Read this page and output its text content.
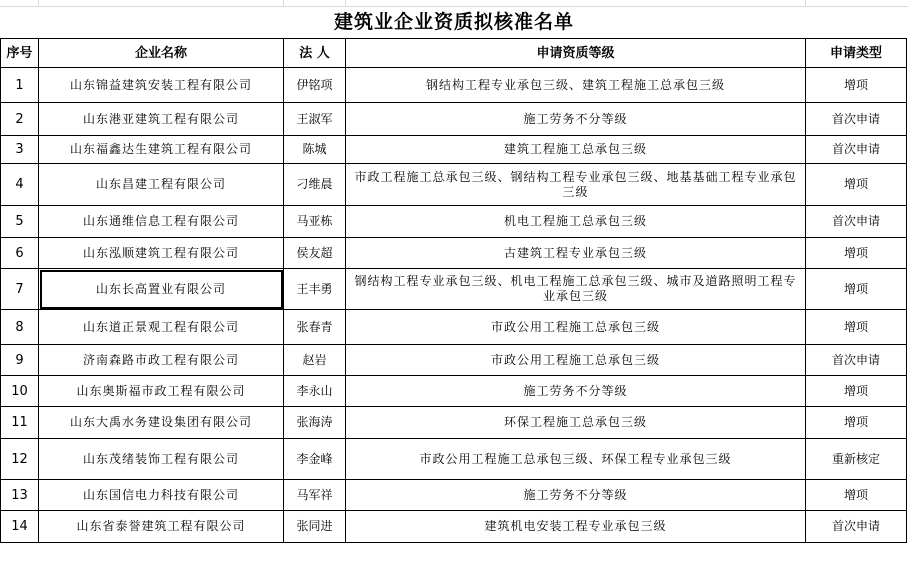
建筑业企业资质拟核准名单
序号	企业名称	法 人	申请资质等级	申请类型
1	山东锦益建筑安装工程有限公司	伊铭项	钢结构工程专业承包三级、建筑工程施工总承包三级	增项
2	山东港亚建筑工程有限公司	王淑军	施工劳务不分等级	首次申请
3	山东福鑫达生建筑工程有限公司	陈城	建筑工程施工总承包三级	首次申请
4	山东昌建工程有限公司	刁维晨	市政工程施工总承包三级、钢结构工程专业承包三级、地基基础工程专业承包三级	增项
5	山东通维信息工程有限公司	马亚栋	机电工程施工总承包三级	首次申请
6	山东泓顺建筑工程有限公司	侯友超	古建筑工程专业承包三级	增项
7	山东长高置业有限公司	王丰勇	钢结构工程专业承包三级、机电工程施工总承包三级、城市及道路照明工程专业承包三级	增项
8	山东道正景观工程有限公司	张春青	市政公用工程施工总承包三级	增项
9	济南森路市政工程有限公司	赵岩	市政公用工程施工总承包三级	首次申请
10	山东奥斯福市政工程有限公司	李永山	施工劳务不分等级	增项
11	山东大禹水务建设集团有限公司	张海涛	环保工程施工总承包三级	增项
12	山东茂绪装饰工程有限公司	李金峰	市政公用工程施工总承包三级、环保工程专业承包三级	重新核定
13	山东国信电力科技有限公司	马军祥	施工劳务不分等级	增项
14	山东省泰誉建筑工程有限公司	张同进	建筑机电安装工程专业承包三级	首次申请
